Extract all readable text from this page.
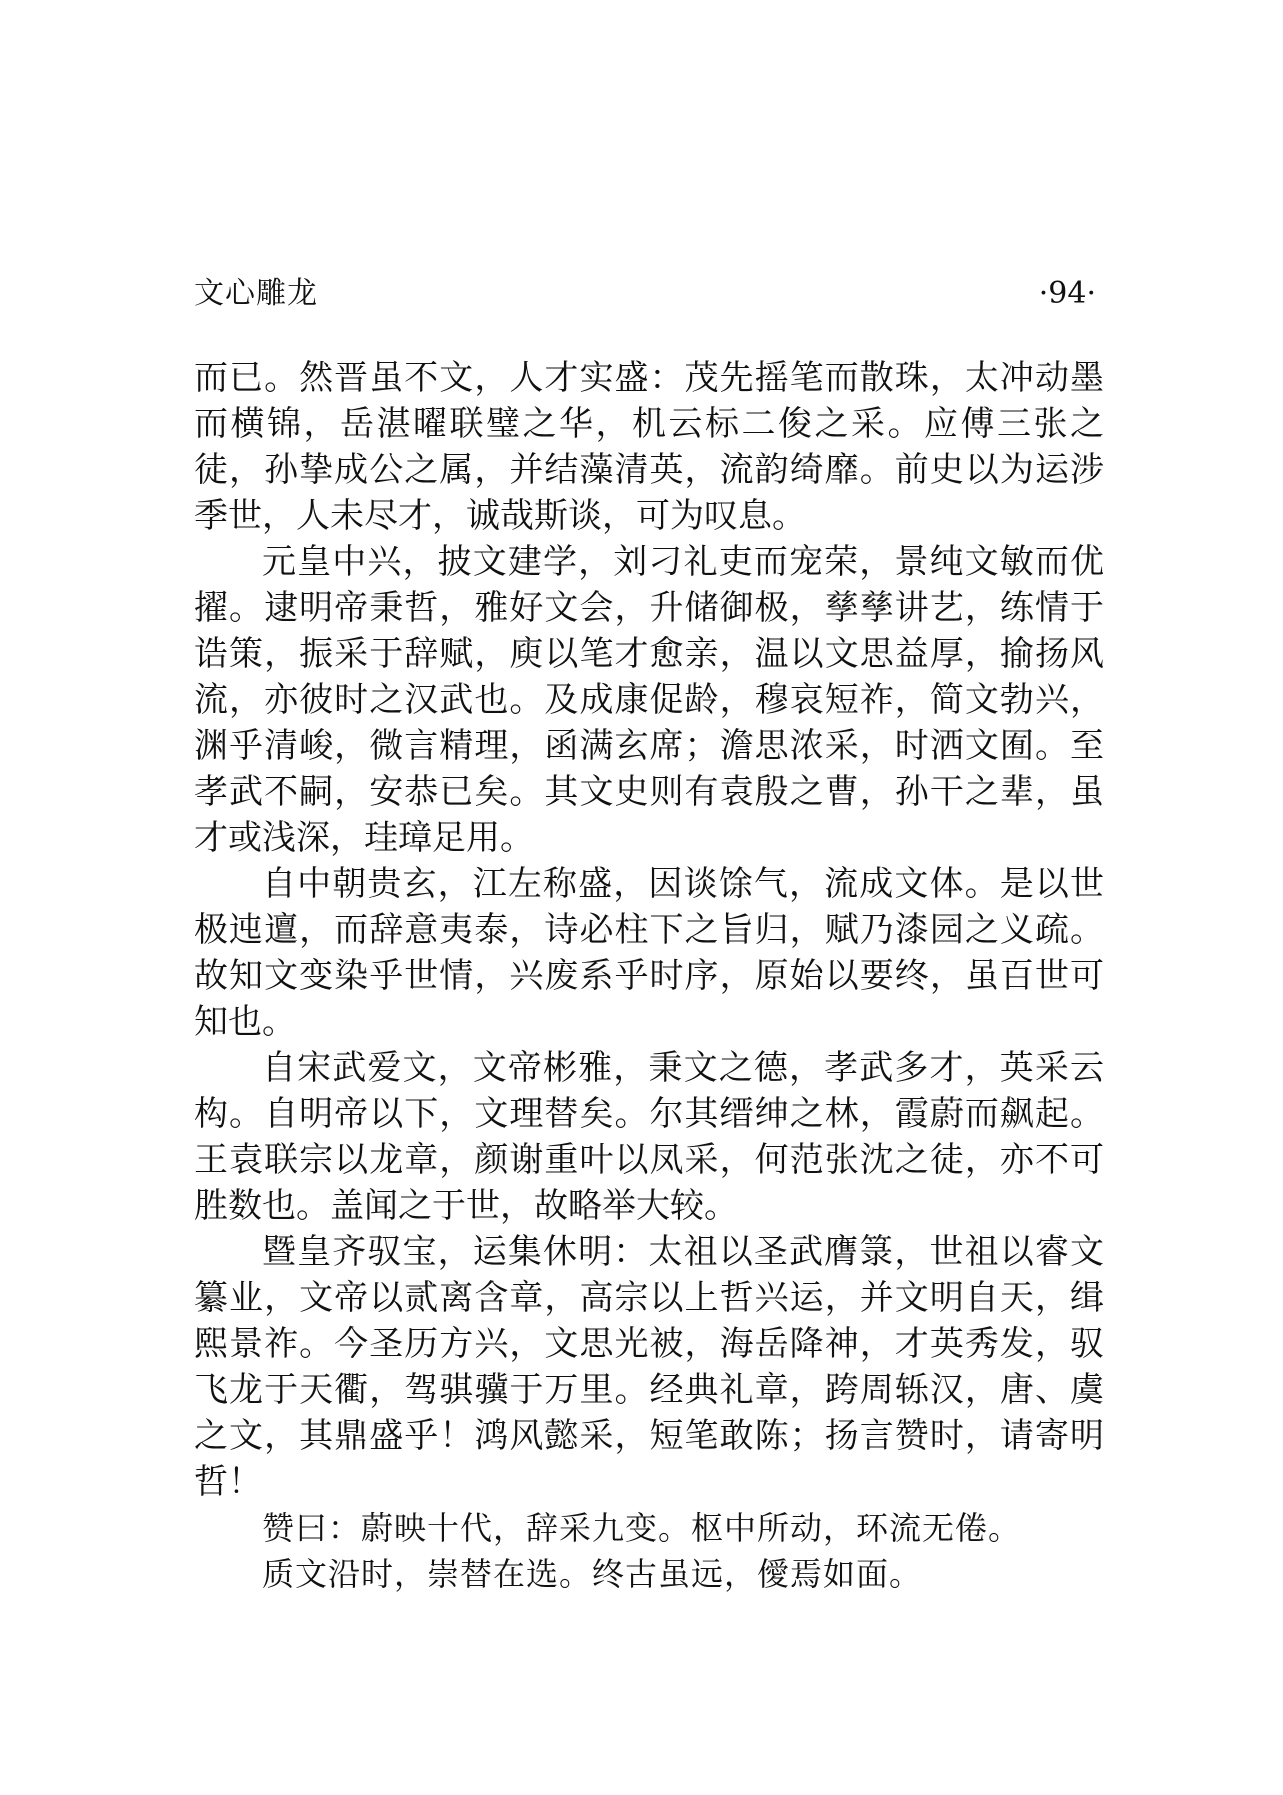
文心雕龙	·94·

而已。然晋虽不文，人才实盛：茂先摇笔而散珠，太冲动墨而横锦，岳湛曜联璧之华，机云标二俊之采。应傅三张之徒，孙挚成公之属，并结藻清英，流韵绮靡。前史以为运涉季世，人未尽才，诚哉斯谈，可为叹息。

元皇中兴，披文建学，刘刁礼吏而宠荣，景纯文敏而优擢。逮明帝秉哲，雅好文会，升储御极，孳孳讲艺，练情于诰策，振采于辞赋，庾以笔才愈亲，温以文思益厚，揄扬风流，亦彼时之汉武也。及成康促龄，穆哀短祚，简文勃兴，渊乎清峻，微言精理，函满玄席；澹思浓采，时洒文囿。至孝武不嗣，安恭已矣。其文史则有袁殷之曹，孙干之辈，虽才或浅深，珪璋足用。

自中朝贵玄，江左称盛，因谈馀气，流成文体。是以世极迍邅，而辞意夷泰，诗必柱下之旨归，赋乃漆园之义疏。故知文变染乎世情，兴废系乎时序，原始以要终，虽百世可知也。

自宋武爱文，文帝彬雅，秉文之德，孝武多才，英采云构。自明帝以下，文理替矣。尔其缙绅之林，霞蔚而飙起。王袁联宗以龙章，颜谢重叶以凤采，何范张沈之徒，亦不可胜数也。盖闻之于世，故略举大较。

暨皇齐驭宝，运集休明：太祖以圣武膺箓，世祖以睿文纂业，文帝以贰离含章，高宗以上哲兴运，并文明自天，缉熙景祚。今圣历方兴，文思光被，海岳降神，才英秀发，驭飞龙于天衢，驾骐骥于万里。经典礼章，跨周轹汉，唐、虞之文，其鼎盛乎！鸿风懿采，短笔敢陈；扬言赞时，请寄明哲！

赞曰：蔚映十代，辞采九变。枢中所动，环流无倦。

质文沿时，崇替在选。终古虽远，僾焉如面。
